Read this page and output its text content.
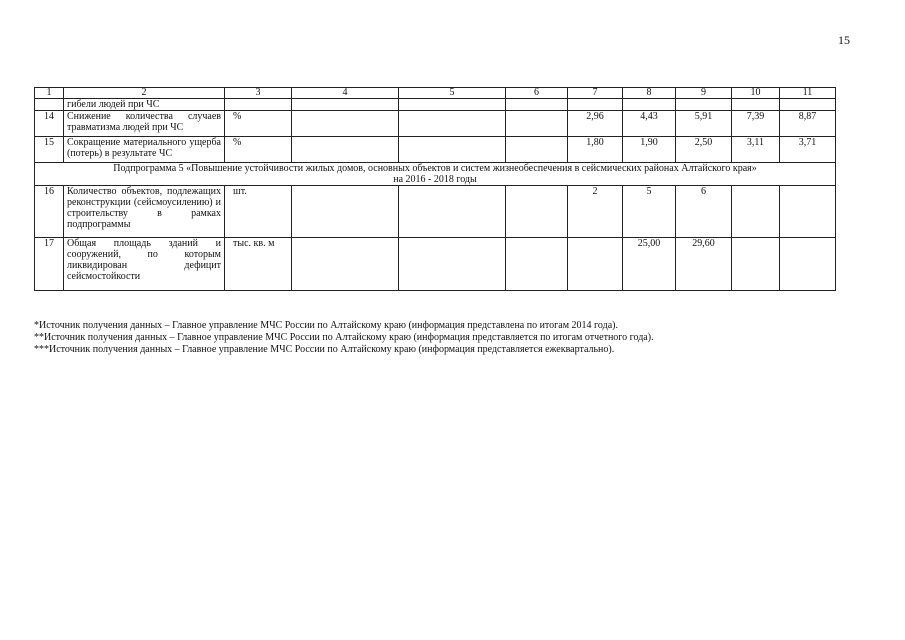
15
1	2	3	4	5	6	7	8	9	10	11
	гибели людей при ЧС									
14	Снижение количества случаев травматизма людей при ЧС	%				2,96	4,43	5,91	7,39	8,87
15	Сокращение материального ущерба (потерь) в результате ЧС	%				1,80	1,90	2,50	3,11	3,71

Подпрограмма 5 «Повышение устойчивости жилых домов, основных объектов и систем жизнеобеспечения в сейсмических районах Алтайского края»
на 2016 - 2018 годы										

16	Количество объектов, подлежащих реконструкции (сейсмоусилению) и строительству в рамках подпрограммы	шт.				2	5	6		
17	Общая площадь зданий и сооружений, по которым ликвидирован дефицит сейсмостойкости	тыс. кв. м					25,00	29,60		

*Источник получения данных – Главное управление МЧС России по Алтайскому краю (информация представлена по итогам 2014 года).

**Источник получения данных – Главное управление МЧС России по Алтайскому краю (информация представляется по итогам отчетного года).

***Источник получения данных – Главное управление МЧС России по Алтайскому краю (информация представляется ежеквартально).
